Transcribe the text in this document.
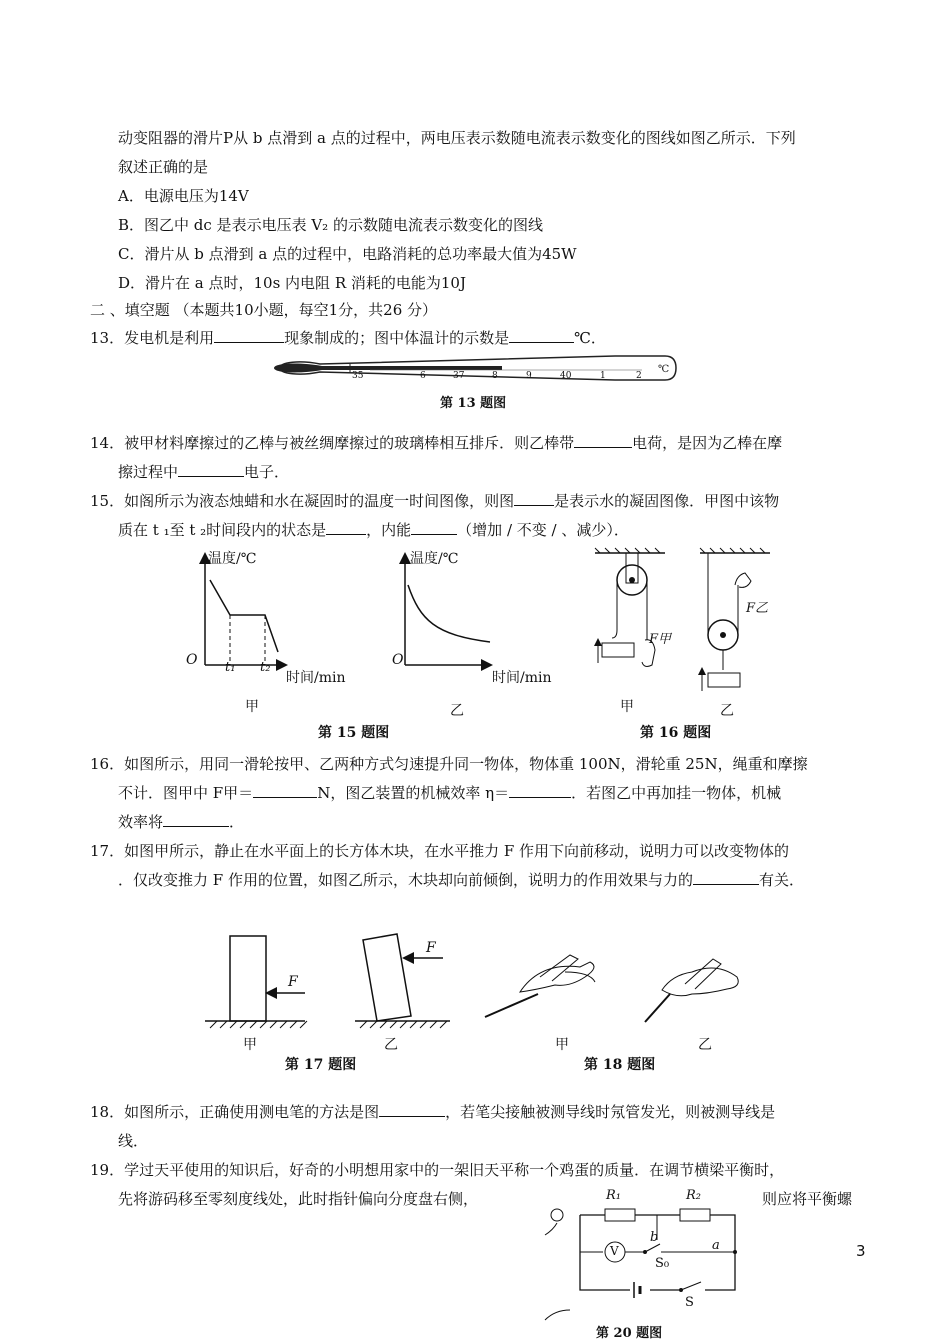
动变阻器的滑片P从 b 点滑到 a 点的过程中，两电压表示数随电流表示数变化的图线如图乙所示．下列
叙述正确的是
A．电源电压为14V
B．图乙中 dc 是表示电压表 V₂ 的示数随电流表示数变化的图线
C．滑片从 b 点滑到 a 点的过程中，电路消耗的总功率最大值为45W
D．滑片在 a 点时，10s 内电阻 R 消耗的电能为10J
二 、填空题 （本题共10小题，每空1分，共26 分）
13．发电机是利用	现象制成的；图中体温计的示数是	℃．
35	6	37	8	9	40	1	2
℃
第 13 题图
14．被甲材料摩擦过的乙棒与被丝绸摩擦过的玻璃棒相互排斥．则乙棒带	电荷，是因为乙棒在摩
擦过程中	电子．
15．如阁所示为液态烛蜡和水在凝固时的温度一时间图像，则图	是表示水的凝固图像．甲图中该物
质在 t ₁至 t ₂时间段内的状态是	，内能	（增加 / 不变 / 、减少）．
温度/℃
O t₁ t₂
时间/min
甲
温度/℃
O
时间/min
乙
第 15 题图
F甲
F乙
甲	乙
第 16 题图
16．如图所示，用同一滑轮按甲、乙两种方式匀速提升同一物体，物体重 100N，滑轮重 25N，绳重和摩擦
不计．图甲中 F甲＝	N，图乙装置的机械效率 η＝	．若图乙中再加挂一物体，机械
效率将	．
17．如图甲所示，静止在水平面上的长方体木块，在水平推力 F 作用下向前移动，说明力可以改变物体的
．仅改变推力 F 作用的位置，如图乙所示，木块却向前倾倒，说明力的作用效果与力的	有关．
F
F
甲	乙
第 17 题图
甲	乙
第 18 题图
18．如图所示，正确使用测电笔的方法是图	，若笔尖接触被测导线时氖管发光，则被测导线是
线．
19．学过天平使用的知识后，好奇的小明想用家中的一架旧天平称一个鸡蛋的质量．在调节横梁平衡时，
先将游码移至零刻度线处，此时指针偏向分度盘右侧，	则应将平衡螺
R₁	R₂
V
b
S₀
a
S
第 20 题图
3
